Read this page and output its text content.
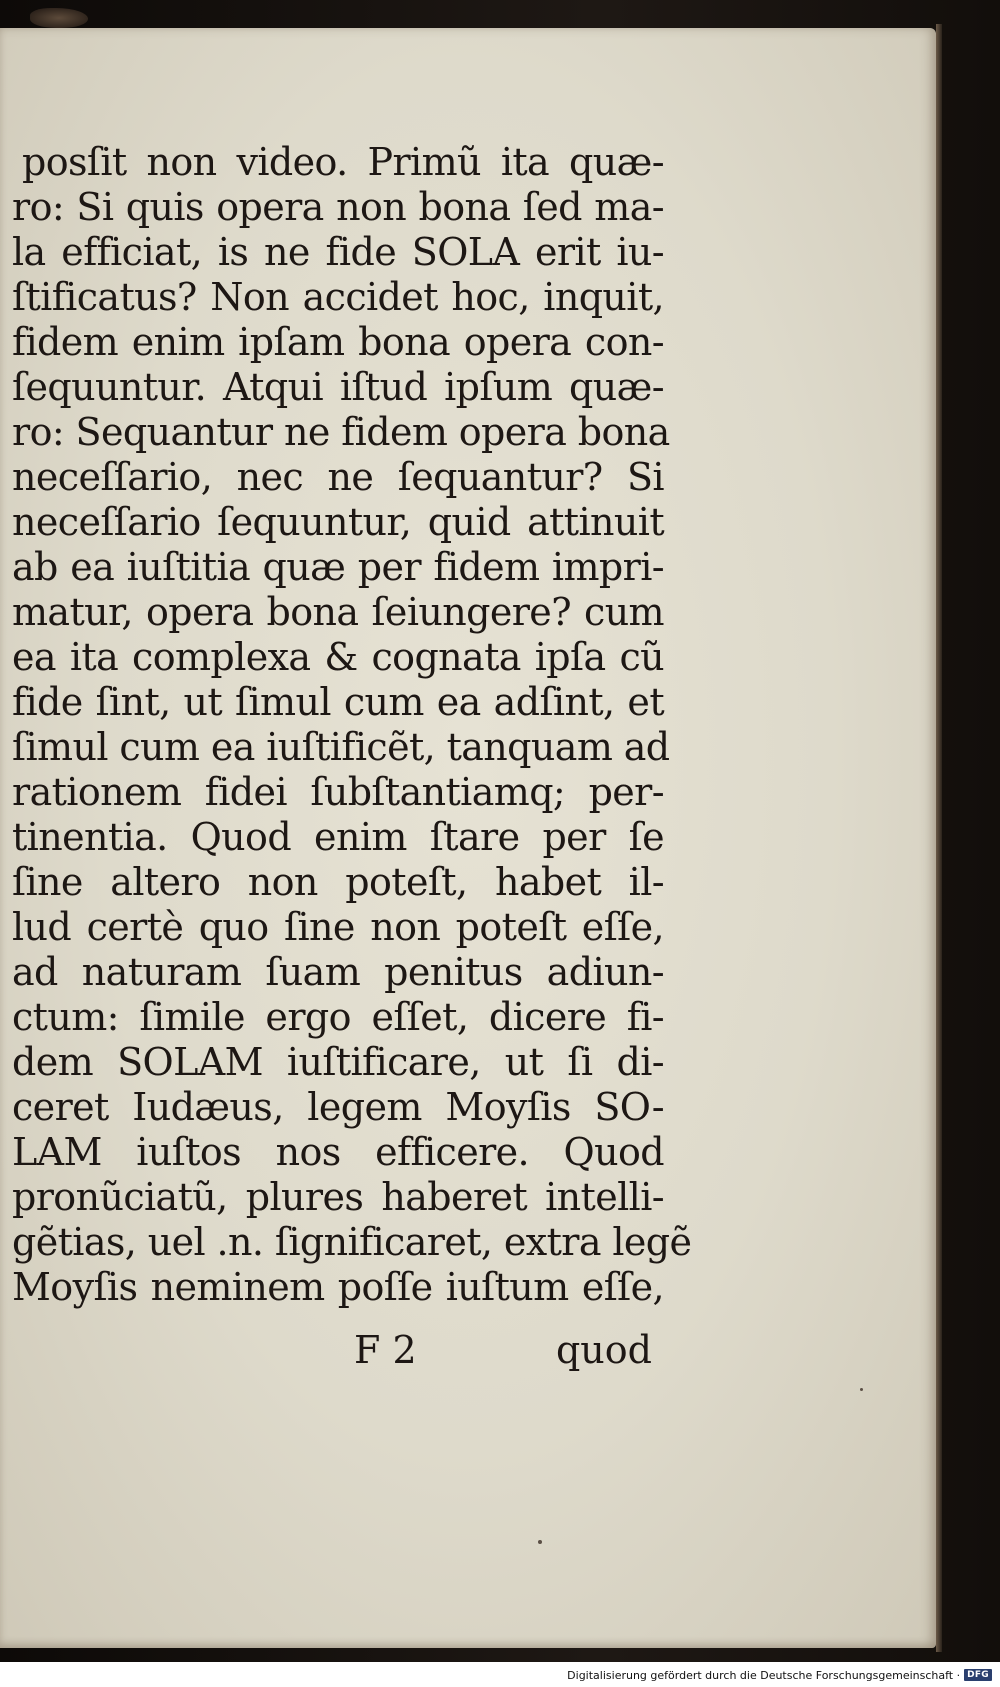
posſit non video. Primũ ita quæ-
ro: Si quis opera non bona ſed ma-
la efficiat, is ne fide SOLA erit iu-
ſtificatus? Non accidet hoc, inquit,
fidem enim ipſam bona opera con-
ſequuntur. Atqui iſtud ipſum quæ-
ro: Sequantur ne fidem opera bona
neceſſario, nec ne ſequantur? Si
neceſſario ſequuntur, quid attinuit
ab ea iuſtitia quæ per fidem impri-
matur, opera bona ſeiungere? cum
ea ita complexa & cognata ipſa cũ
fide ſint, ut ſimul cum ea adſint, et
ſimul cum ea iuſtificẽt, tanquam ad
rationem fidei ſubſtantiamq; per-
tinentia. Quod enim ſtare per ſe
ſine altero non poteſt, habet il-
lud certè quo ſine non poteſt eſſe,
ad naturam ſuam penitus adiun-
ctum: ſimile ergo eſſet, dicere fi-
dem SOLAM iuſtificare, ut ſi di-
ceret Iudæus, legem Moyſis SO-
LAM iuſtos nos efficere. Quod
pronũciatũ, plures haberet intelli-
gẽtias, uel .n. ſignificaret, extra legẽ
Moyſis neminem poſſe iuſtum eſſe,
F 2	quod
Digitalisierung gefördert durch die Deutsche Forschungsgemeinschaft · DFG
